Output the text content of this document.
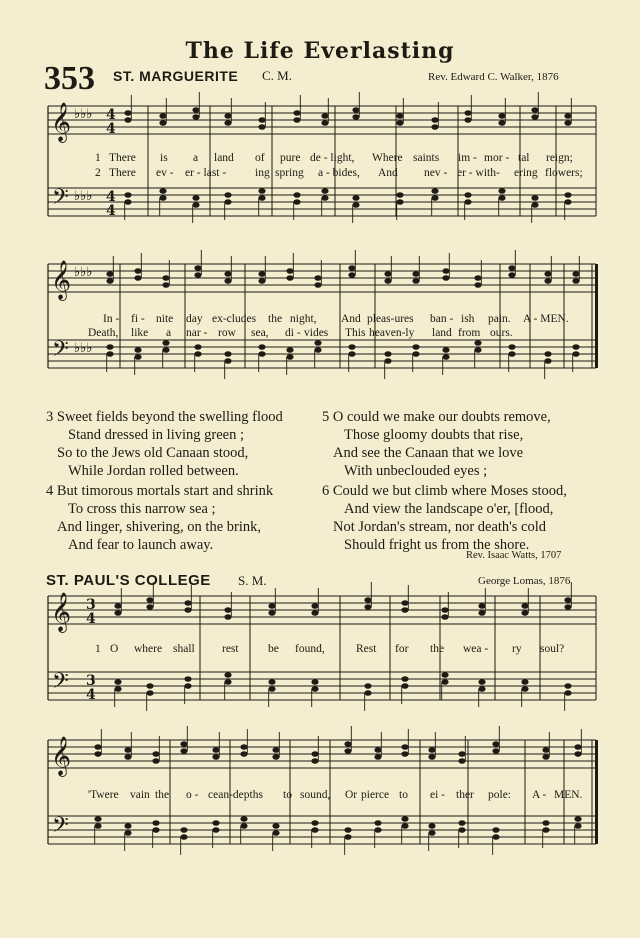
The Life Everlasting
353 ST. MARGUERITE C. M.	Rev. Edward C. Walker, 1876
𝄞
𝄢
♭♭♭
♭♭♭
4
4
4
4
𝄞
𝄢
♭♭♭
♭♭♭
𝄞
𝄢
3
4
3
4
𝄞
𝄢
1 There is a land of pure de - light, Where saints im - mor - tal reign;
2 There ev - er - last -	ing spring a - bides, And nev - er - with- ering flowers;
In - fi - nite day ex-cludes the night, And pleas-ures ban - ish pain. A - MEN.
Death, like a nar - row sea, di - vides This heaven-ly land from ours.
3 Sweet fields beyond the swelling flood
Stand dressed in living green ;
So to the Jews old Canaan stood,
While Jordan rolled between.
4 But timorous mortals start and shrink
To cross this narrow sea ;
And linger, shivering, on the brink,
And fear to launch away.
5 O could we make our doubts remove,
Those gloomy doubts that rise,
And see the Canaan that we love
With unbeclouded eyes ;
6 Could we but climb where Moses stood,
And view the landscape o'er, [flood,
Not Jordan's stream, nor death's cold
Should fright us from the shore.
Rev. Isaac Watts, 1707
ST. PAUL'S COLLEGE S. M.	George Lomas, 1876
1 O where shall rest	be found,	Rest for the wea - ry soul?
'Twere vain the o - cean-depths to sound, Or pierce to ei - ther pole: A - MEN.
